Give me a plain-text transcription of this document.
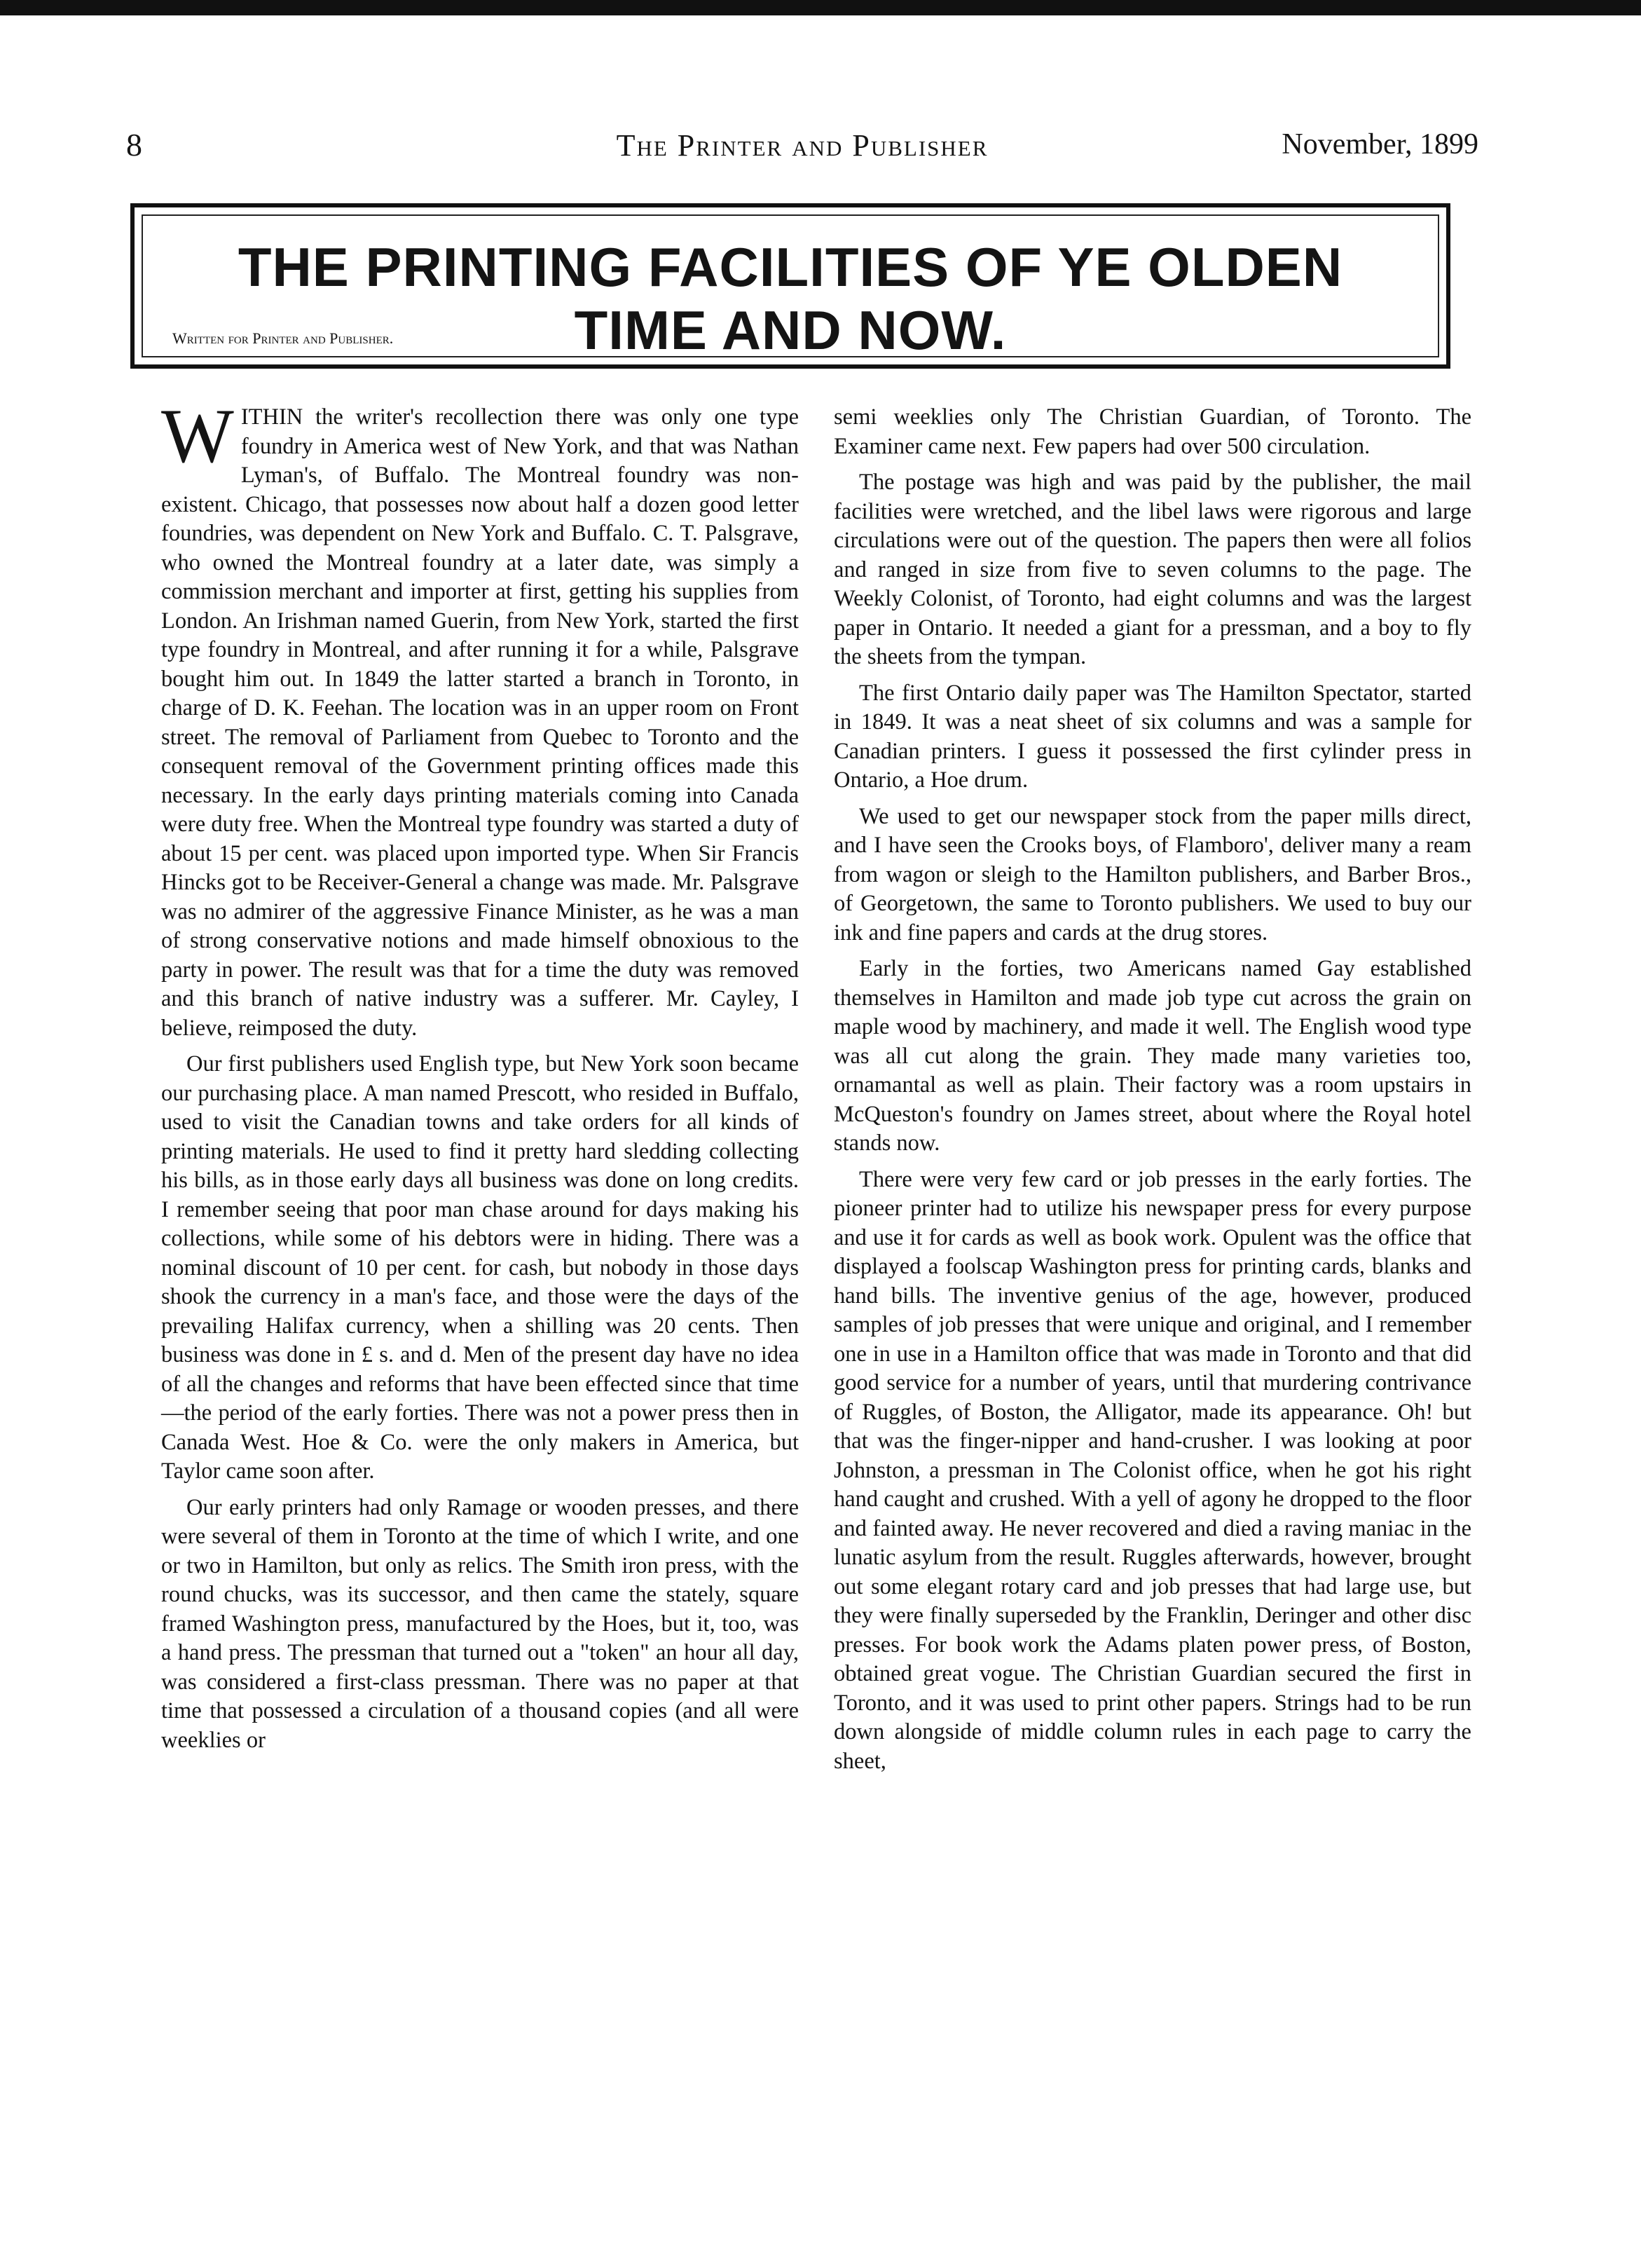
8	The Printer and Publisher	November, 1899
THE PRINTING FACILITIES OF YE OLDEN
TIME AND NOW.
Written for Printer and Publisher.

WITHIN the writer's recollection there was only one type foundry in America west of New York, and that was Nathan Lyman's, of Buffalo. The Montreal foundry was non-existent. Chicago, that possesses now about half a dozen good letter foundries, was dependent on New York and Buffalo. C. T. Palsgrave, who owned the Montreal foundry at a later date, was simply a commission merchant and importer at first, getting his supplies from London. An Irishman named Guerin, from New York, started the first type foundry in Montreal, and after running it for a while, Palsgrave bought him out. In 1849 the latter started a branch in Toronto, in charge of D. K. Feehan. The location was in an upper room on Front street. The removal of Parliament from Quebec to Toronto and the consequent removal of the Government printing offices made this necessary. In the early days printing materials coming into Canada were duty free. When the Montreal type foundry was started a duty of about 15 per cent. was placed upon imported type. When Sir Francis Hincks got to be Receiver-General a change was made. Mr. Palsgrave was no admirer of the aggressive Finance Minister, as he was a man of strong conservative notions and made himself obnoxious to the party in power. The result was that for a time the duty was removed and this branch of native industry was a sufferer. Mr. Cayley, I believe, reimposed the duty.

Our first publishers used English type, but New York soon became our purchasing place. A man named Prescott, who resided in Buffalo, used to visit the Canadian towns and take orders for all kinds of printing materials. He used to find it pretty hard sledding collecting his bills, as in those early days all business was done on long credits. I remember seeing that poor man chase around for days making his collections, while some of his debtors were in hiding. There was a nominal discount of 10 per cent. for cash, but nobody in those days shook the currency in a man's face, and those were the days of the prevailing Halifax currency, when a shilling was 20 cents. Then business was done in £ s. and d. Men of the present day have no idea of all the changes and reforms that have been effected since that time—the period of the early forties. There was not a power press then in Canada West. Hoe & Co. were the only makers in America, but Taylor came soon after.

Our early printers had only Ramage or wooden presses, and there were several of them in Toronto at the time of which I write, and one or two in Hamilton, but only as relics. The Smith iron press, with the round chucks, was its successor, and then came the stately, square framed Washington press, manufactured by the Hoes, but it, too, was a hand press. The pressman that turned out a "token" an hour all day, was considered a first-class pressman. There was no paper at that time that possessed a circulation of a thousand copies (and all were weeklies or

semi weeklies only The Christian Guardian, of Toronto. The Examiner came next. Few papers had over 500 circulation.

The postage was high and was paid by the publisher, the mail facilities were wretched, and the libel laws were rigorous and large circulations were out of the question. The papers then were all folios and ranged in size from five to seven columns to the page. The Weekly Colonist, of Toronto, had eight columns and was the largest paper in Ontario. It needed a giant for a pressman, and a boy to fly the sheets from the tympan.

The first Ontario daily paper was The Hamilton Spectator, started in 1849. It was a neat sheet of six columns and was a sample for Canadian printers. I guess it possessed the first cylinder press in Ontario, a Hoe drum.

We used to get our newspaper stock from the paper mills direct, and I have seen the Crooks boys, of Flamboro', deliver many a ream from wagon or sleigh to the Hamilton publishers, and Barber Bros., of Georgetown, the same to Toronto publishers. We used to buy our ink and fine papers and cards at the drug stores.

Early in the forties, two Americans named Gay established themselves in Hamilton and made job type cut across the grain on maple wood by machinery, and made it well. The English wood type was all cut along the grain. They made many varieties too, ornamantal as well as plain. Their factory was a room upstairs in McQueston's foundry on James street, about where the Royal hotel stands now.

There were very few card or job presses in the early forties. The pioneer printer had to utilize his newspaper press for every purpose and use it for cards as well as book work. Opulent was the office that displayed a foolscap Washington press for printing cards, blanks and hand bills. The inventive genius of the age, however, produced samples of job presses that were unique and original, and I remember one in use in a Hamilton office that was made in Toronto and that did good service for a number of years, until that murdering contrivance of Ruggles, of Boston, the Alligator, made its appearance. Oh! but that was the finger-nipper and hand-crusher. I was looking at poor Johnston, a pressman in The Colonist office, when he got his right hand caught and crushed. With a yell of agony he dropped to the floor and fainted away. He never recovered and died a raving maniac in the lunatic asylum from the result. Ruggles afterwards, however, brought out some elegant rotary card and job presses that had large use, but they were finally superseded by the Franklin, Deringer and other disc presses. For book work the Adams platen power press, of Boston, obtained great vogue. The Christian Guardian secured the first in Toronto, and it was used to print other papers. Strings had to be run down alongside of middle column rules in each page to carry the sheet,
